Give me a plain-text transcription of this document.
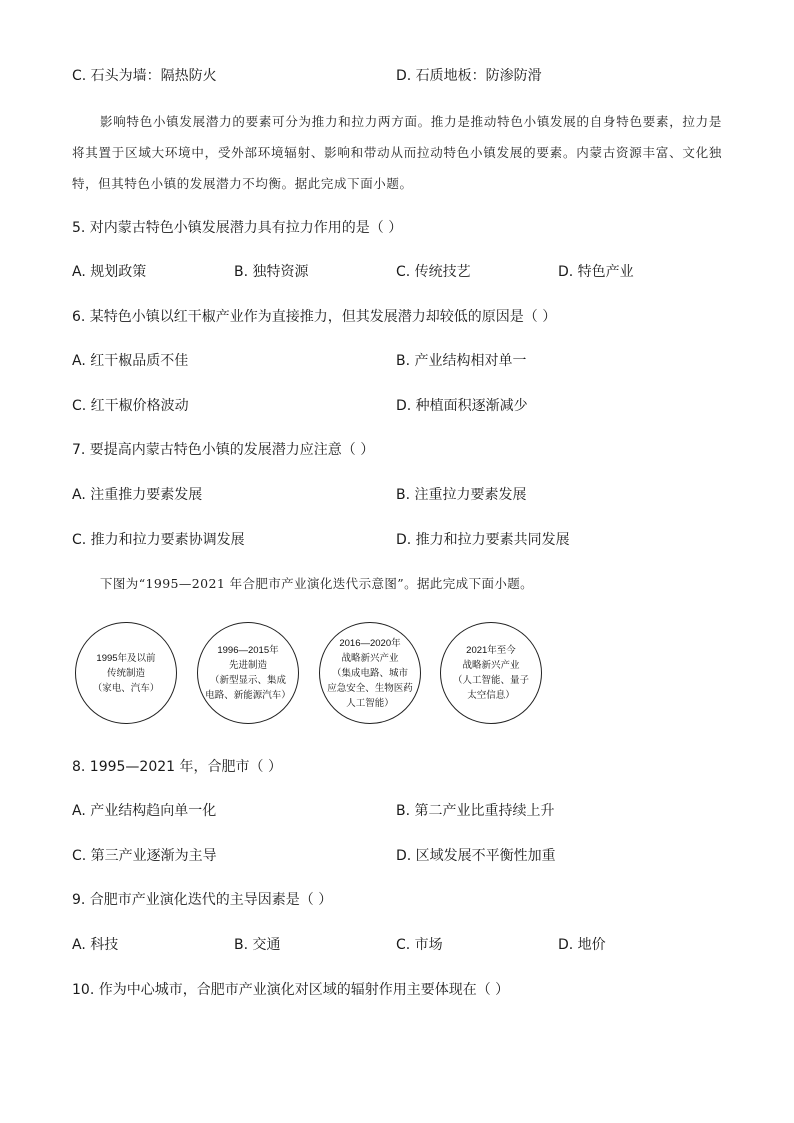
C. 石头为墙：隔热防火	D. 石质地板：防渗防滑
影响特色小镇发展潜力的要素可分为推力和拉力两方面。推力是推动特色小镇发展的自身特色要素，拉力是将其置于区域大环境中，受外部环境辐射、影响和带动从而拉动特色小镇发展的要素。内蒙古资源丰富、文化独特，但其特色小镇的发展潜力不均衡。据此完成下面小题。
5. 对内蒙古特色小镇发展潜力具有拉力作用的是（ ）
A. 规划政策	B. 独特资源	C. 传统技艺	D. 特色产业
6. 某特色小镇以红干椒产业作为直接推力，但其发展潜力却较低的原因是（ ）
A. 红干椒品质不佳	B. 产业结构相对单一
C. 红干椒价格波动	D. 种植面积逐渐减少
7. 要提高内蒙古特色小镇的发展潜力应注意（ ）
A. 注重推力要素发展	B. 注重拉力要素发展
C. 推力和拉力要素协调发展	D. 推力和拉力要素共同发展
下图为“1995—2021 年合肥市产业演化迭代示意图”。据此完成下面小题。
1995年及以前
传统制造
（家电、汽车）
1996—2015年
先进制造
（新型显示、集成
电路、新能源汽车）
2016—2020年
战略新兴产业
（集成电路、城市
应急安全、生物医药
人工智能）
2021年至今
战略新兴产业
（人工智能、量子
太空信息）
8. 1995—2021 年，合肥市（ ）
A. 产业结构趋向单一化	B. 第二产业比重持续上升
C. 第三产业逐渐为主导	D. 区域发展不平衡性加重
9. 合肥市产业演化迭代的主导因素是（ ）
A. 科技	B. 交通	C. 市场	D. 地价
10. 作为中心城市，合肥市产业演化对区域的辐射作用主要体现在（ ）
